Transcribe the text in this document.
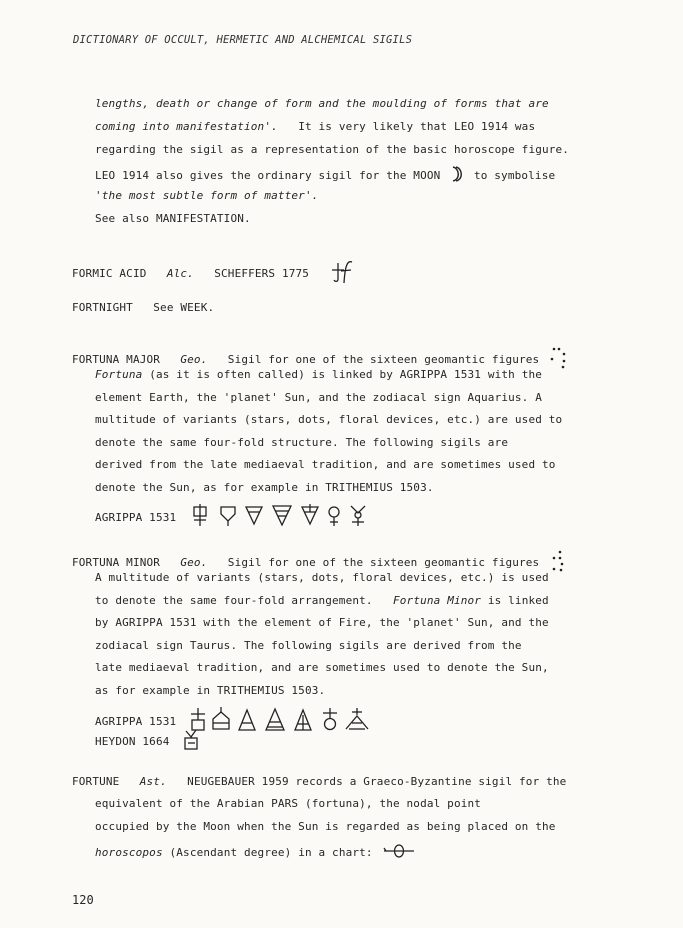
DICTIONARY OF OCCULT, HERMETIC AND ALCHEMICAL SIGILS
lengths, death or change of form and the moulding of forms that are
coming into manifestation'. It is very likely that LEO 1914 was
regarding the sigil as a representation of the basic horoscope figure.
LEO 1914 also gives the ordinary sigil for the MOON	to symbolise
'the most subtle form of matter'.
See also MANIFESTATION.
FORMIC ACID Alc. SCHEFFERS 1775
FORTNIGHT See WEEK.
FORTUNA MAJOR Geo. Sigil for one of the sixteen geomantic figures
Fortuna (as it is often called) is linked by AGRIPPA 1531 with the
element Earth, the 'planet' Sun, and the zodiacal sign Aquarius. A
multitude of variants (stars, dots, floral devices, etc.) are used to
denote the same four-fold structure. The following sigils are
derived from the late mediaeval tradition, and are sometimes used to
denote the Sun, as for example in TRITHEMIUS 1503.
AGRIPPA 1531
FORTUNA MINOR Geo. Sigil for one of the sixteen geomantic figures
A multitude of variants (stars, dots, floral devices, etc.) is used
to denote the same four-fold arrangement. Fortuna Minor is linked
by AGRIPPA 1531 with the element of Fire, the 'planet' Sun, and the
zodiacal sign Taurus. The following sigils are derived from the
late mediaeval tradition, and are sometimes used to denote the Sun,
as for example in TRITHEMIUS 1503.
AGRIPPA 1531
HEYDON 1664
FORTUNE Ast. NEUGEBAUER 1959 records a Graeco-Byzantine sigil for the
equivalent of the Arabian PARS (fortuna), the nodal point
occupied by the Moon when the Sun is regarded as being placed on the
horoscopos (Ascendant degree) in a chart:
120
